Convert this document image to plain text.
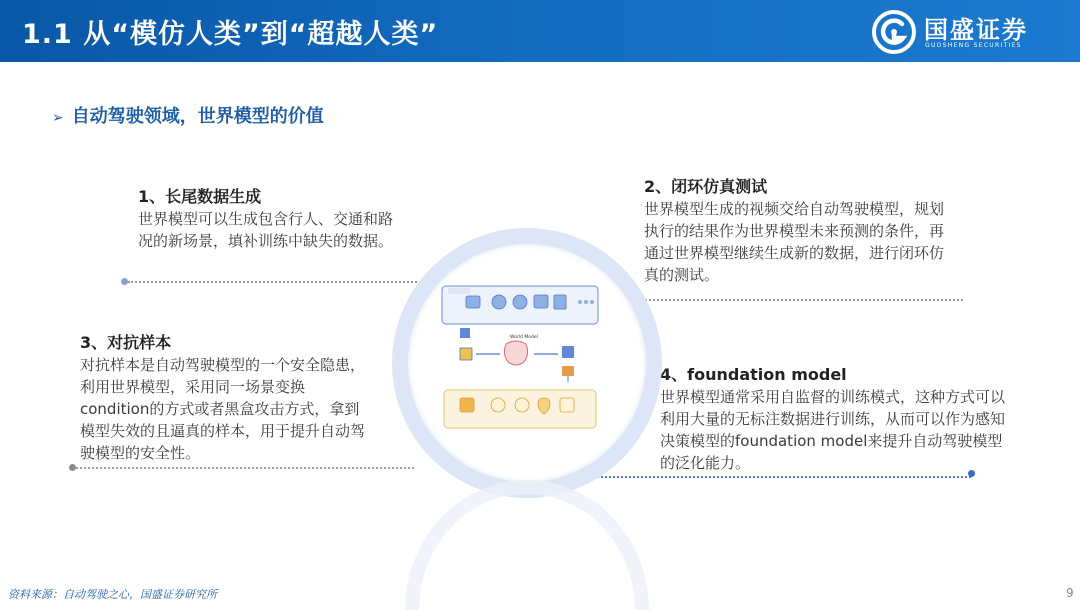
1.1 从“模仿人类”到“超越人类”	国盛证券
GUOSHENG SECURITIES
➢ 自动驾驶领域，世界模型的价值
1、长尾数据生成
世界模型可以生成包含行人、交通和路况的新场景，填补训练中缺失的数据。
2、闭环仿真测试
世界模型生成的视频交给自动驾驶模型，规划执行的结果作为世界模型未来预测的条件，再通过世界模型继续生成新的数据，进行闭环仿真的测试。
3、对抗样本
对抗样本是自动驾驶模型的一个安全隐患，利用世界模型，采用同一场景变换condition的方式或者黑盒攻击方式，拿到模型失效的且逼真的样本，用于提升自动驾驶模型的安全性。
4、foundation model
世界模型通常采用自监督的训练模式，这种方式可以利用大量的无标注数据进行训练，从而可以作为感知决策模型的foundation model来提升自动驾驶模型的泛化能力。
World Model
资料来源：自动驾驶之心，国盛证券研究所	9
